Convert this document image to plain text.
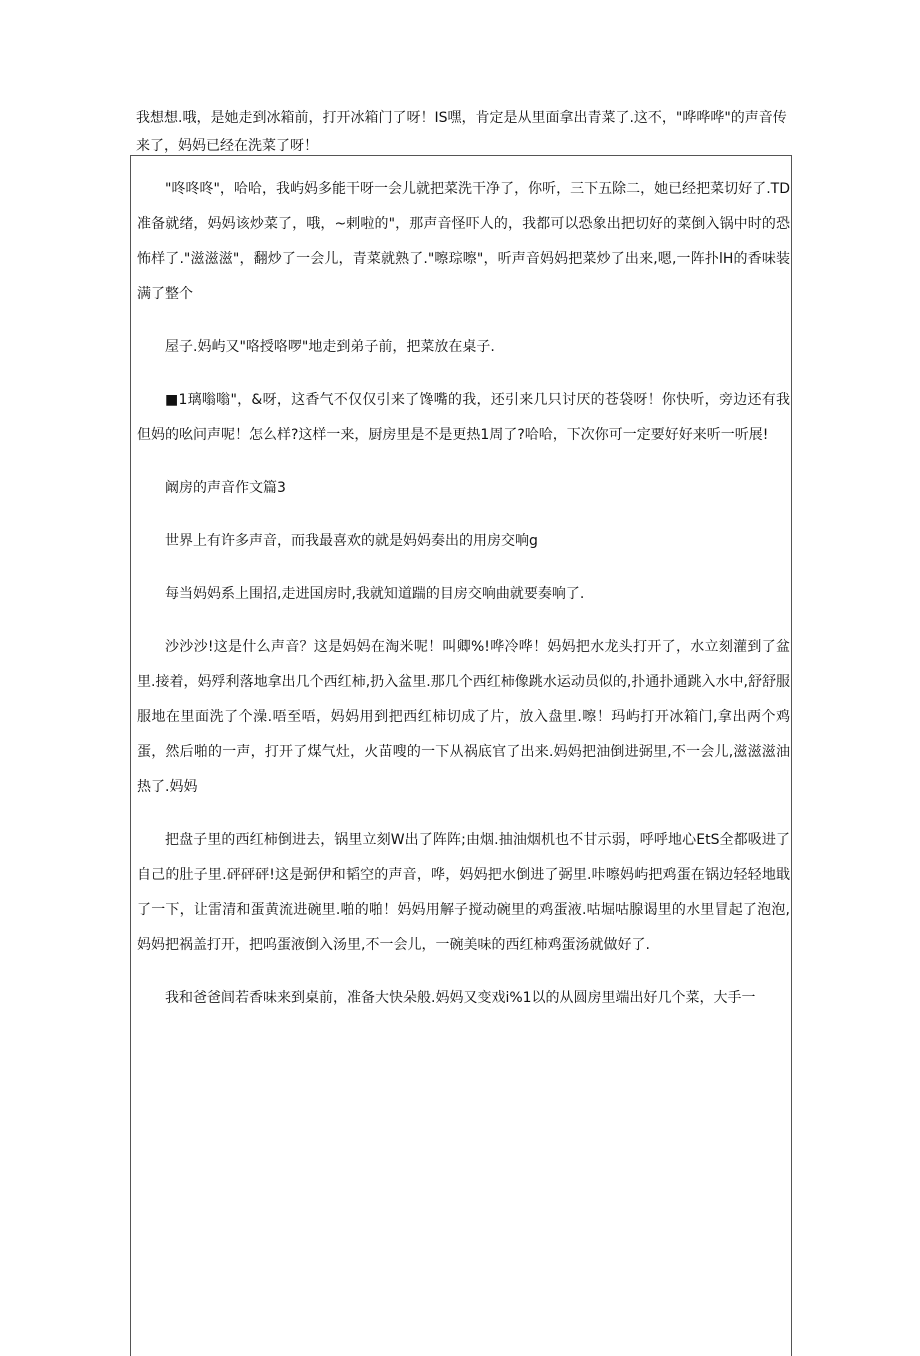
我想想.哦，是她走到冰箱前，打开冰箱门了呀！IS嘿，肯定是从里面拿出青菜了.这不，"哗哗哗"的声音传来了，妈妈已经在洗菜了呀！

"咚咚咚"，哈哈，我屿妈多能干呀一会儿就把菜洗干净了，你听，三下五除二，她已经把菜切好了.TD准备就绪，妈妈该炒菜了，哦，~剌啦的"，那声音怪吓人的，我都可以恐象出把切好的菜倒入锅中时的恐怖样了."滋滋滋"，翻炒了一会儿，青菜就熟了."嚓琮嚓"，听声音妈妈把菜炒了出来,嗯,一阵扑lH的香味装满了整个

屋子.妈屿又"咯授咯啰"地走到弟子前，把菜放在桌子.

■1璃嗡嗡"，&呀，这香气不仅仅引来了馋嘴的我，还引来几只讨厌的苍袋呀！你快听，旁边还有我但妈的吆问声呢！怎么样?这样一来，厨房里是不是更热1周了?哈哈，下次你可一定要好好来听一听展!

阚房的声音作文篇3

世界上有许多声音，而我最喜欢的就是妈妈奏出的用房交响g

每当妈妈系上围招,走进国房时,我就知道踹的目房交响曲就要奏响了.

沙沙沙!这是什么声音？这是妈妈在淘米呢！叫卿%!哗冷哗！妈妈把水龙头打开了，水立刻灌到了盆里.接着，妈殍利落地拿出几个西红柿,扔入盆里.那几个西红柿像跳水运动员似的,扑通扑通跳入水中,舒舒服服地在里面洗了个澡.唔至唔，妈妈用到把西红柿切成了片，放入盘里.嚓！玛屿打开冰箱门,拿出两个鸡蛋，然后啪的一声，打开了煤气灶，火苗嗖的一下从祸底官了出来.妈妈把油倒进弼里,不一会儿,滋滋滋油热了.妈妈

把盘子里的西红柿倒进去，锅里立刻W出了阵阵;由烟.抽油烟机也不甘示弱，呼呼地心EtS全都吸进了自己的肚子里.砰砰砰!这是弼伊和韬空的声音，哗，妈妈把水倒进了弼里.咔嚓妈屿把鸡蛋在锅边轻轻地戢了一下，让雷清和蛋黄流进碗里.啪的啪！妈妈用解子搅动碗里的鸡蛋液.咕堀咕腺谒里的水里冒起了泡泡,妈妈把祸盖打开，把呜蛋液倒入汤里,不一会儿，一碗美味的西红柿鸡蛋汤就做好了.

我和爸爸闾若香味来到桌前，准备大快朵般.妈妈又变戏i%1以的从圆房里端出好几个菜，大手一
